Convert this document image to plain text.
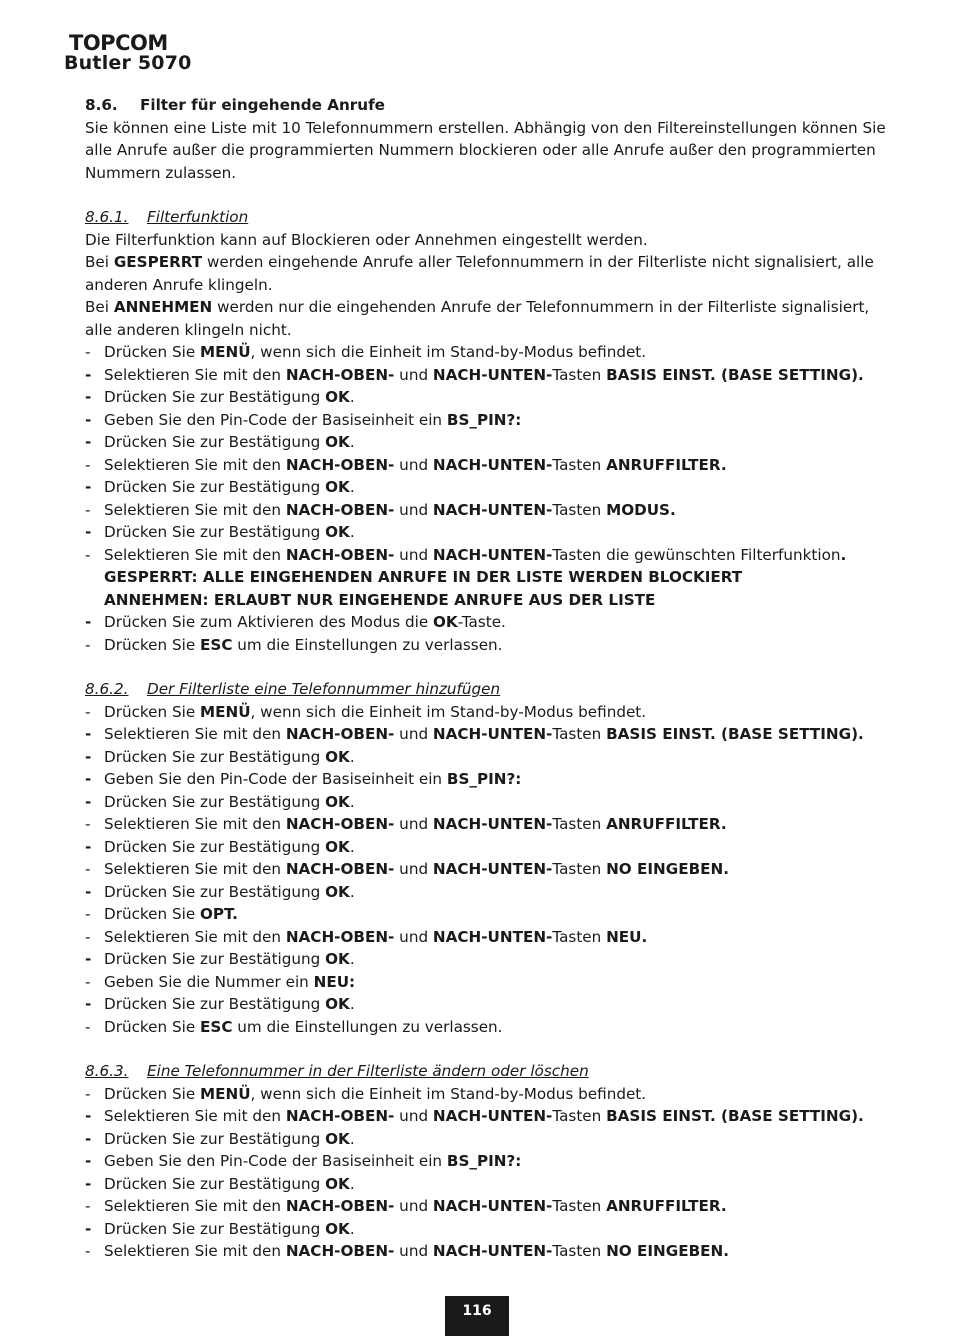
TOPCOM
Butler 5070
8.6.	Filter für eingehende Anrufe

Sie können eine Liste mit 10 Telefonnummern erstellen. Abhängig von den Filtereinstellungen können Sie alle Anrufe außer die programmierten Nummern blockieren oder alle Anrufe außer den programmierten Nummern zulassen.

8.6.1.	Filterfunktion

Die Filterfunktion kann auf Blockieren oder Annehmen eingestellt werden.

Bei GESPERRT werden eingehende Anrufe aller Telefonnummern in der Filterliste nicht signalisiert, alle anderen Anrufe klingeln.

Bei ANNEHMEN werden nur die eingehenden Anrufe der Telefonnummern in der Filterliste signalisiert, alle anderen klingeln nicht.

- Drücken Sie MENÜ, wenn sich die Einheit im Stand-by-Modus befindet.
- Selektieren Sie mit den NACH-OBEN- und NACH-UNTEN-Tasten BASIS EINST. (BASE SETTING).
- Drücken Sie zur Bestätigung OK.
- Geben Sie den Pin-Code der Basiseinheit ein BS_PIN?:
- Drücken Sie zur Bestätigung OK.
- Selektieren Sie mit den NACH-OBEN- und NACH-UNTEN-Tasten ANRUFFILTER.
- Drücken Sie zur Bestätigung OK.
- Selektieren Sie mit den NACH-OBEN- und NACH-UNTEN-Tasten MODUS.
- Drücken Sie zur Bestätigung OK.
- Selektieren Sie mit den NACH-OBEN- und NACH-UNTEN-Tasten die gewünschten Filterfunktion.
GESPERRT: ALLE EINGEHENDEN ANRUFE IN DER LISTE WERDEN BLOCKIERT
ANNEHMEN: ERLAUBT NUR EINGEHENDE ANRUFE AUS DER LISTE
- Drücken Sie zum Aktivieren des Modus die OK-Taste.
- Drücken Sie ESC um die Einstellungen zu verlassen.
8.6.2.	Der Filterliste eine Telefonnummer hinzufügen
- Drücken Sie MENÜ, wenn sich die Einheit im Stand-by-Modus befindet.
- Selektieren Sie mit den NACH-OBEN- und NACH-UNTEN-Tasten BASIS EINST. (BASE SETTING).
- Drücken Sie zur Bestätigung OK.
- Geben Sie den Pin-Code der Basiseinheit ein BS_PIN?:
- Drücken Sie zur Bestätigung OK.
- Selektieren Sie mit den NACH-OBEN- und NACH-UNTEN-Tasten ANRUFFILTER.
- Drücken Sie zur Bestätigung OK.
- Selektieren Sie mit den NACH-OBEN- und NACH-UNTEN-Tasten NO EINGEBEN.
- Drücken Sie zur Bestätigung OK.
- Drücken Sie OPT.
- Selektieren Sie mit den NACH-OBEN- und NACH-UNTEN-Tasten NEU.
- Drücken Sie zur Bestätigung OK.
- Geben Sie die Nummer ein NEU:
- Drücken Sie zur Bestätigung OK.
- Drücken Sie ESC um die Einstellungen zu verlassen.
8.6.3.	Eine Telefonnummer in der Filterliste ändern oder löschen
- Drücken Sie MENÜ, wenn sich die Einheit im Stand-by-Modus befindet.
- Selektieren Sie mit den NACH-OBEN- und NACH-UNTEN-Tasten BASIS EINST. (BASE SETTING).
- Drücken Sie zur Bestätigung OK.
- Geben Sie den Pin-Code der Basiseinheit ein BS_PIN?:
- Drücken Sie zur Bestätigung OK.
- Selektieren Sie mit den NACH-OBEN- und NACH-UNTEN-Tasten ANRUFFILTER.
- Drücken Sie zur Bestätigung OK.
- Selektieren Sie mit den NACH-OBEN- und NACH-UNTEN-Tasten NO EINGEBEN.
116
